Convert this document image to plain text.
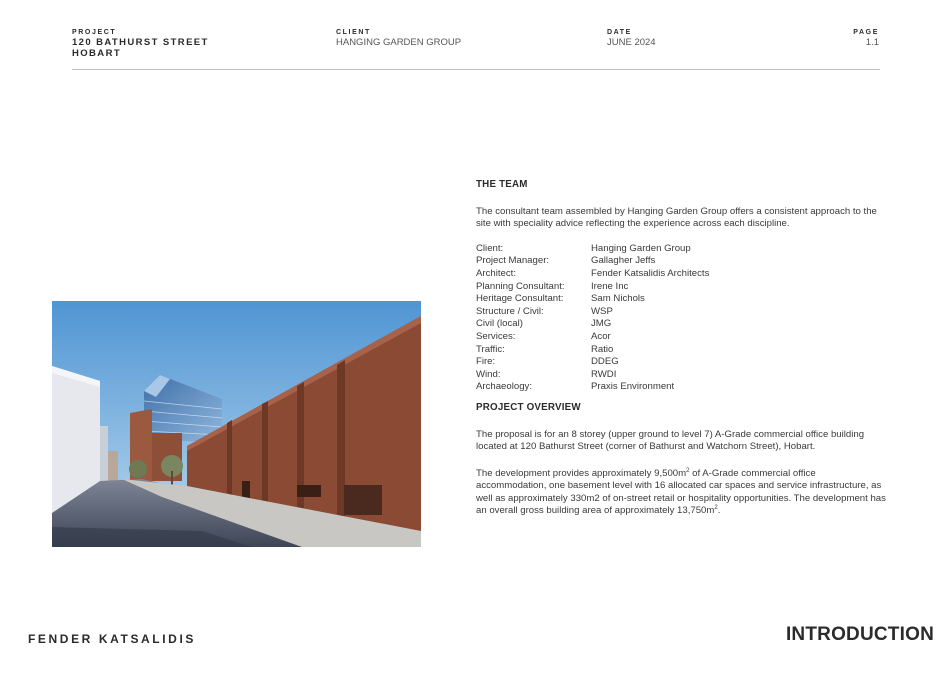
PROJECT
120 BATHURST STREET
HOBART
CLIENT
HANGING GARDEN GROUP
DATE
JUNE 2024
PAGE
1.1
THE TEAM
The consultant team assembled by Hanging Garden Group offers a consistent approach to the site with speciality advice reflecting the experience across each discipline.
Client:	Hanging Garden Group
Project Manager:	Gallagher Jeffs
Architect:	Fender Katsalidis Architects
Planning Consultant:	Irene Inc
Heritage Consultant:	Sam Nichols
Structure / Civil:	WSP
Civil (local)	JMG
Services:	Acor
Traffic:	Ratio
Fire:	DDEG
Wind:	RWDI
Archaeology:	Praxis Environment
PROJECT OVERVIEW
The proposal is for an 8 storey (upper ground to level 7) A-Grade commercial office building located at 120 Bathurst Street (corner of Bathurst and Watchorn Street), Hobart.
The development provides approximately $9,500m^2$ of A-Grade commercial office accommodation, one basement level with 16 allocated car spaces and service infrastructure, as well as approximately 330m2 of on-street retail or hospitality opportunities. The development has an overall gross building area of approximately $13,750m^2$.
FENDER KATSALIDIS	INTRODUCTION
